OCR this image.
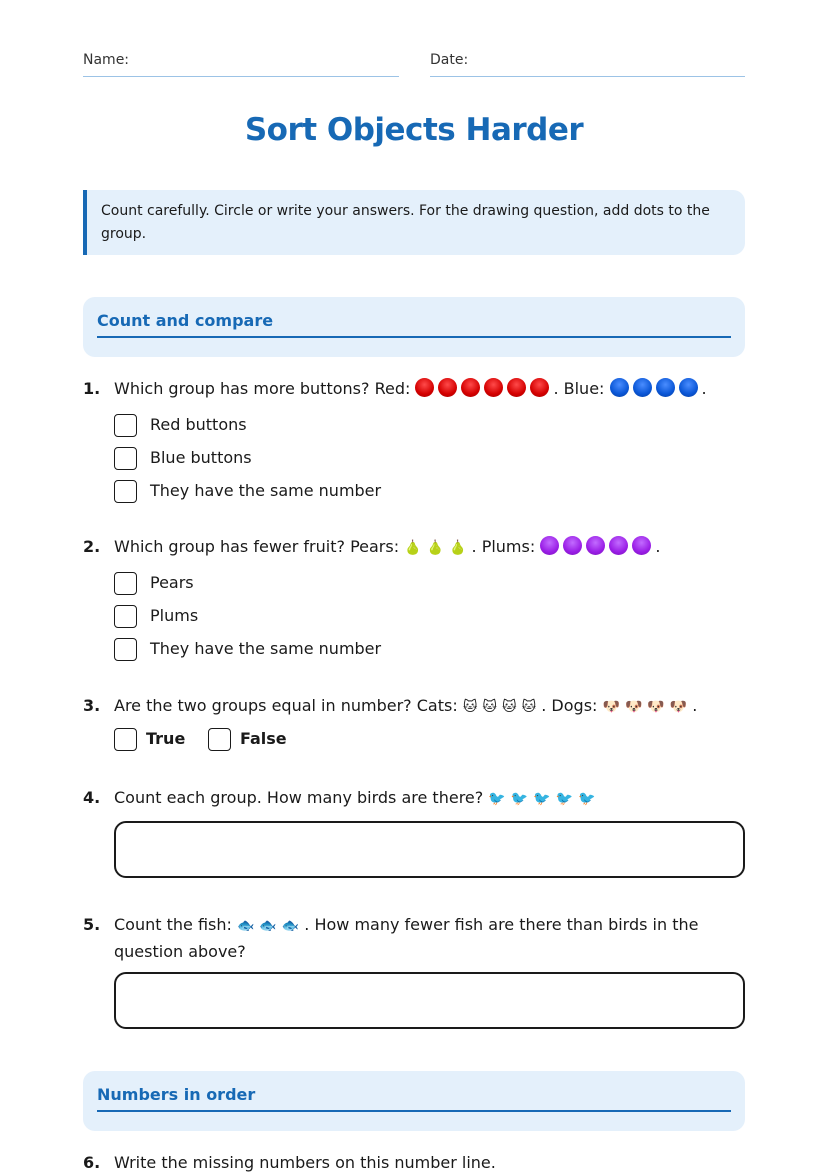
Name:	Date:
Sort Objects Harder
Count carefully. Circle or write your answers. For the drawing question, add dots to the group.
Count and compare
1. Which group has more buttons? Red:	. Blue:	.
Red buttons
Blue buttons
They have the same number
2. Which group has fewer fruit? Pears: 🍐 🍐 🍐 . Plums:	.
Pears
Plums
They have the same number
3. Are the two groups equal in number? Cats: 🐱 🐱 🐱 🐱 . Dogs: 🐶 🐶 🐶 🐶 .
True	False
4. Count each group. How many birds are there? 🐦 🐦 🐦 🐦 🐦
5. Count the fish: 🐟 🐟 🐟 . How many fewer fish are there than birds in the question above?
Numbers in order
6. Write the missing numbers on this number line.
